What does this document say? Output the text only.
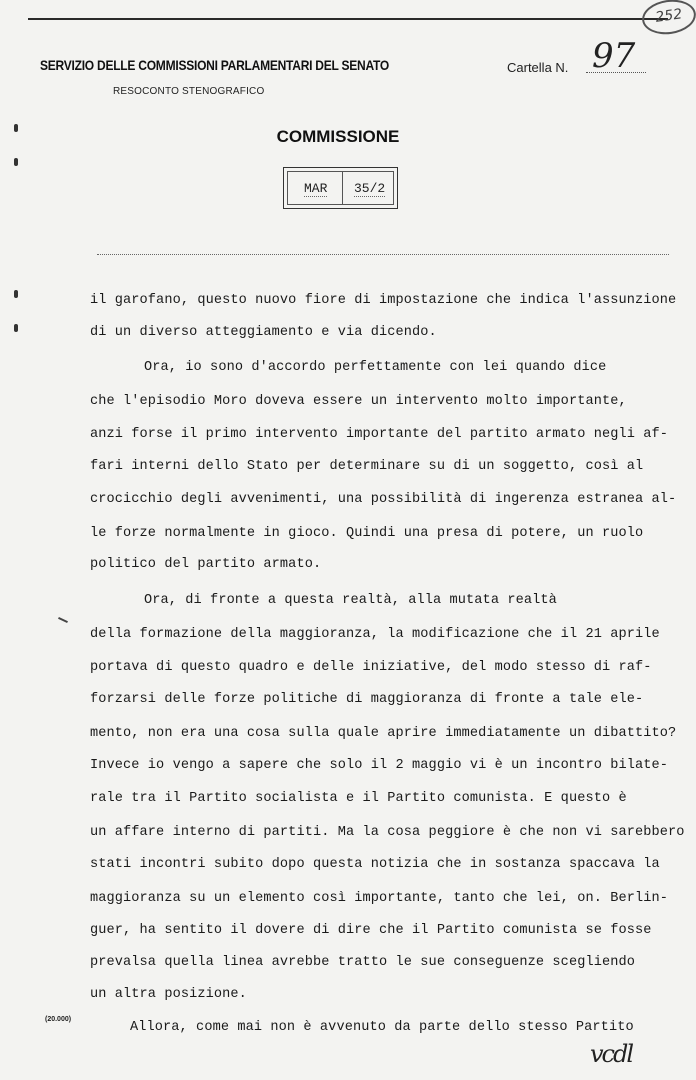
252
SERVIZIO DELLE COMMISSIONI PARLAMENTARI DEL SENATO
RESOCONTO STENOGRAFICO
Cartella N. 97
COMMISSIONE
MAR 35/2
il garofano, questo nuovo fiore di impostazione che indica l'assunzione
di un diverso atteggiamento e via dicendo.
Ora, io sono d'accordo perfettamente con lei quando dice
che l'episodio Moro doveva essere un intervento molto importante,
anzi forse il primo intervento importante del partito armato negli af-
fari interni dello Stato per determinare su di un soggetto, così al
crocicchio degli avvenimenti, una possibilità di ingerenza estranea al-
le forze normalmente in gioco. Quindi una presa di potere, un ruolo
politico del partito armato.
Ora, di fronte a questa realtà, alla mutata realtà
della formazione della maggioranza, la modificazione che il 21 aprile
portava di questo quadro e delle iniziative, del modo stesso di raf-
forzarsi delle forze politiche di maggioranza di fronte a tale ele-
mento, non era una cosa sulla quale aprire immediatamente un dibattito?
Invece io vengo a sapere che solo il 2 maggio vi è un incontro bilate-
rale tra il Partito socialista e il Partito comunista. E questo è
un affare interno di partiti. Ma la cosa peggiore è che non vi sarebbero
stati incontri subito dopo questa notizia che in sostanza spaccava la
maggioranza su un elemento così importante, tanto che lei, on. Berlin-
guer, ha sentito il dovere di dire che il Partito comunista se fosse
prevalsa quella linea avrebbe tratto le sue conseguenze scegliendo
un altra posizione.
Allora, come mai non è avvenuto da parte dello stesso Partito
(20.000)
vcdl
